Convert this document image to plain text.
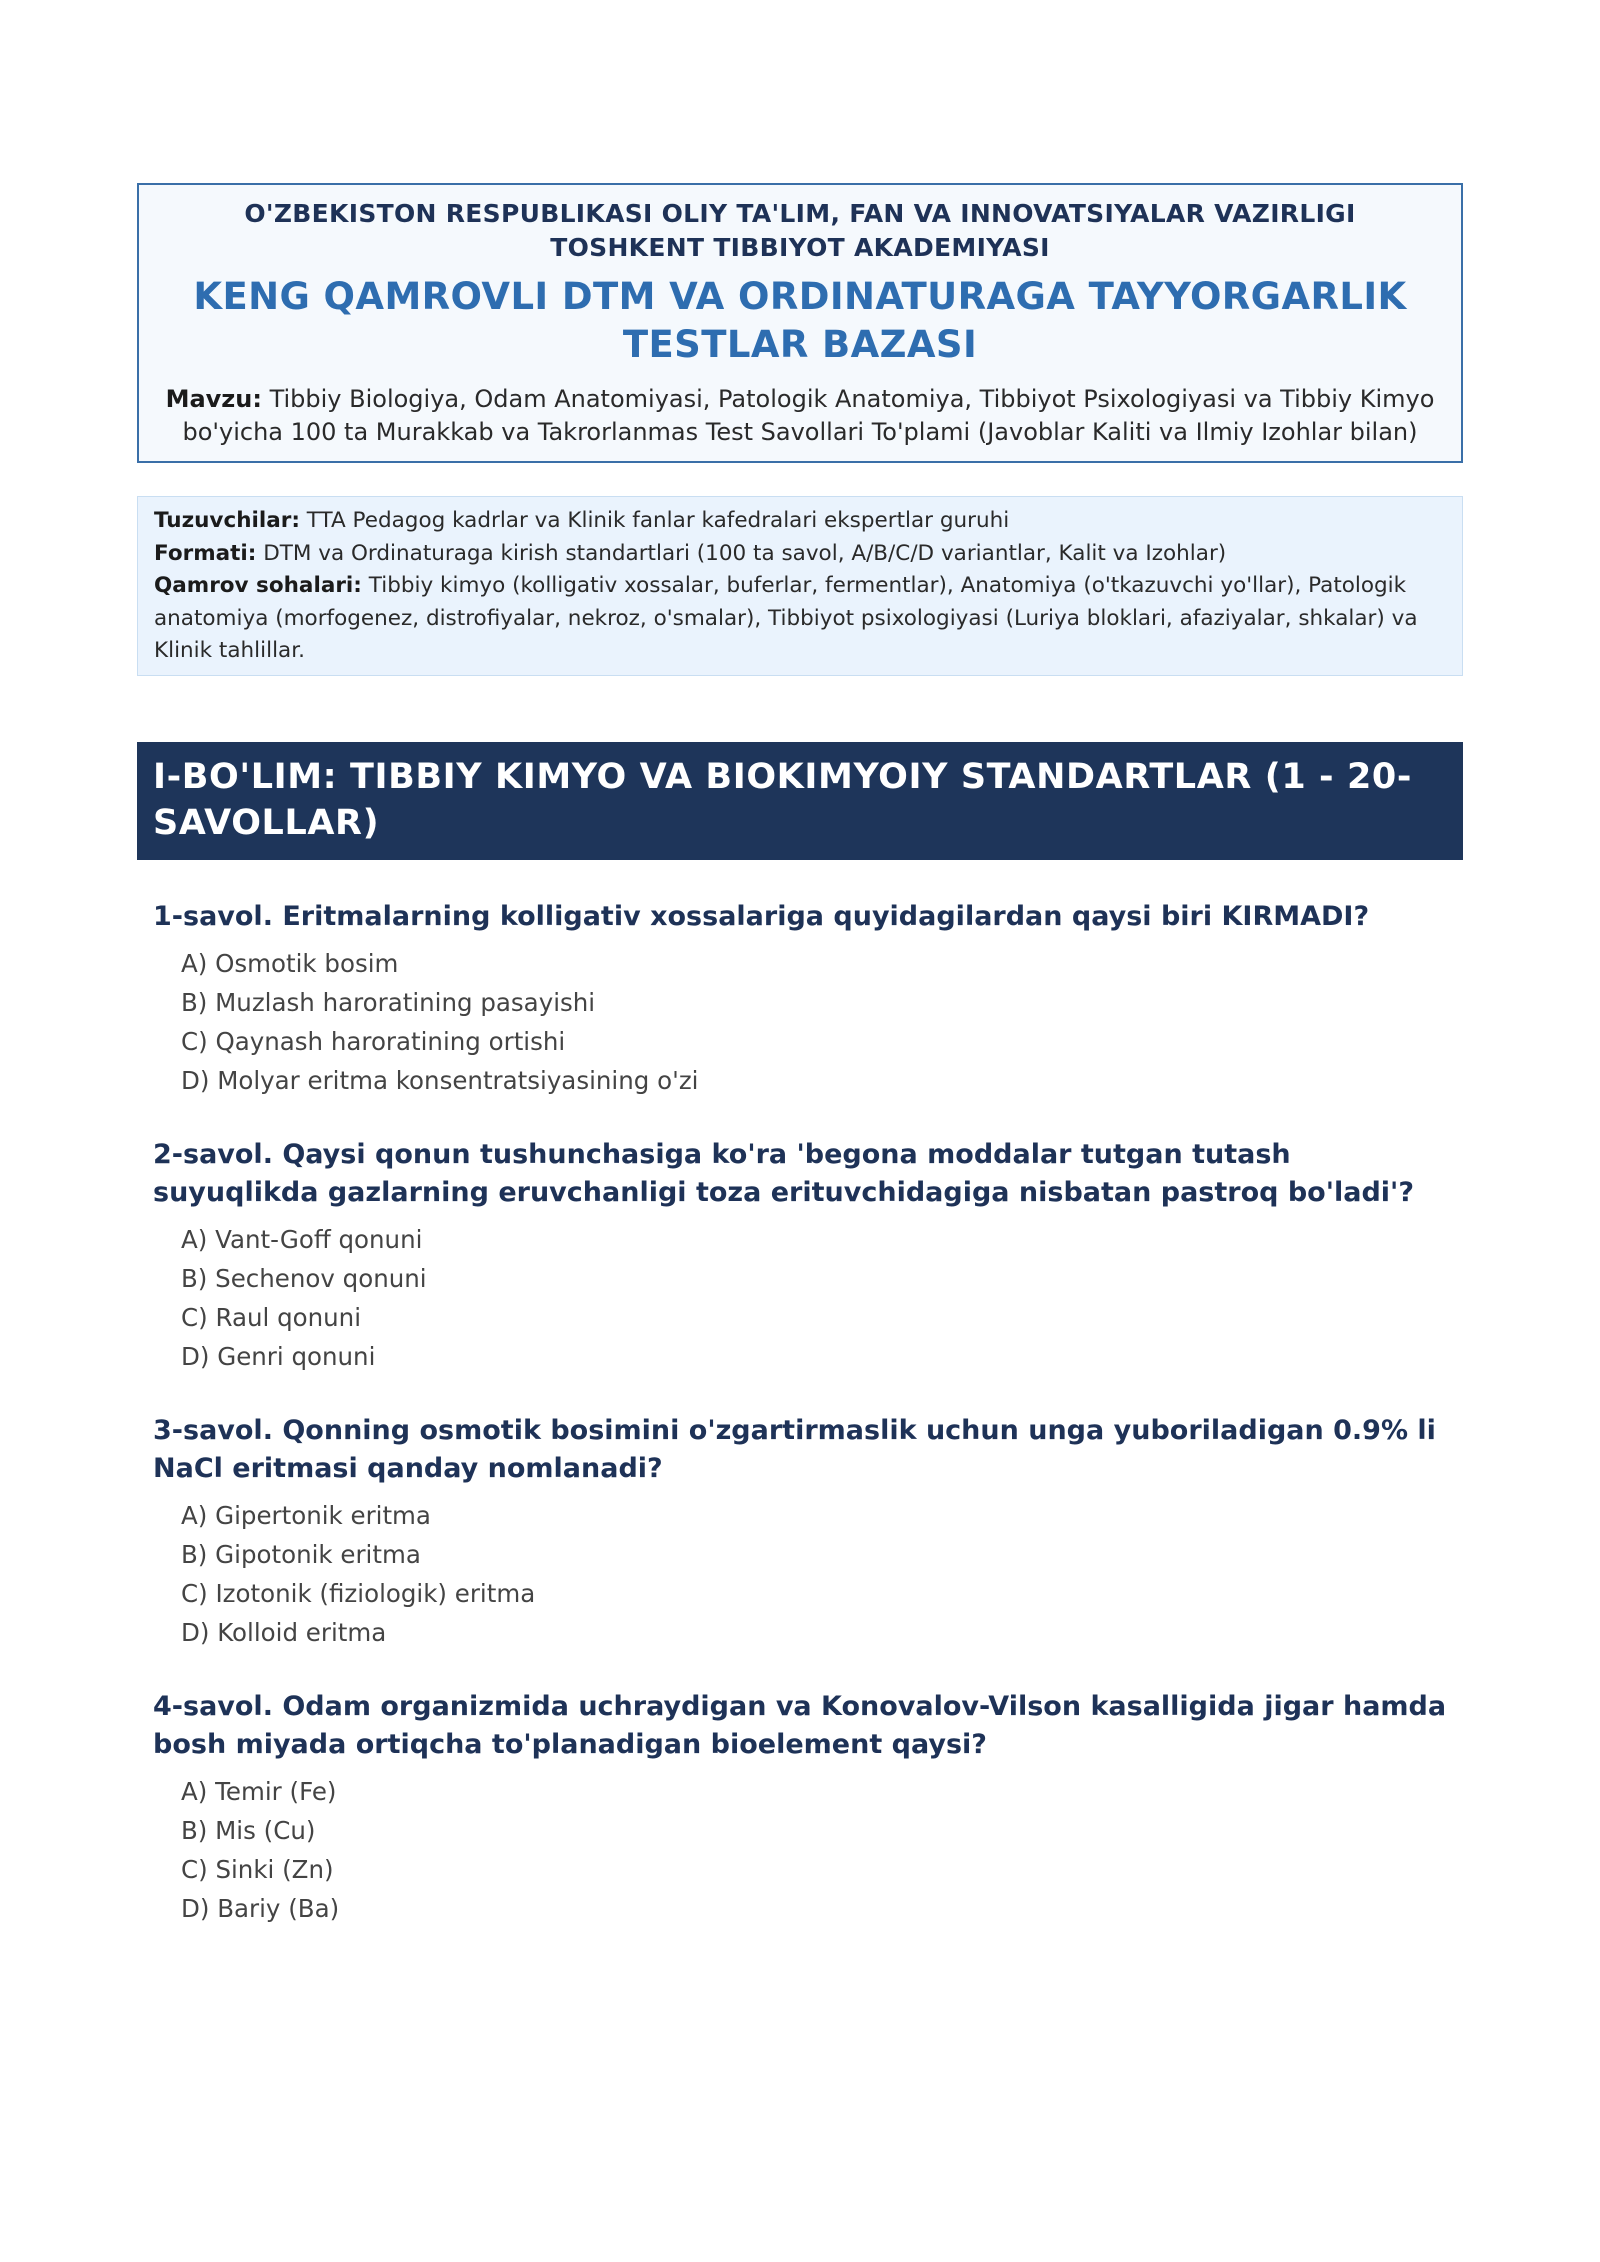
O'ZBEKISTON RESPUBLIKASI OLIY TA'LIM, FAN VA INNOVATSIYALAR VAZIRLIGI
TOSHKENT TIBBIYOT AKADEMIYASI
KENG QAMROVLI DTM VA ORDINATURAGA TAYYORGARLIK
TESTLAR BAZASI
Mavzu: Tibbiy Biologiya, Odam Anatomiyasi, Patologik Anatomiya, Tibbiyot Psixologiyasi va Tibbiy Kimyo bo'yicha 100 ta Murakkab va Takrorlanmas Test Savollari To'plami (Javoblar Kaliti va Ilmiy Izohlar bilan)
Tuzuvchilar: TTA Pedagog kadrlar va Klinik fanlar kafedralari ekspertlar guruhi
Formati: DTM va Ordinaturaga kirish standartlari (100 ta savol, A/B/C/D variantlar, Kalit va Izohlar)
Qamrov sohalari: Tibbiy kimyo (kolligativ xossalar, buferlar, fermentlar), Anatomiya (o'tkazuvchi yo'llar), Patologik anatomiya (morfogenez, distrofiyalar, nekroz, o'smalar), Tibbiyot psixologiyasi (Luriya bloklari, afaziyalar, shkalar) va Klinik tahlillar.
I-BO'LIM: TIBBIY KIMYO VA BIOKIMYOIY STANDARTLAR (1 - 20-SAVOLLAR)
1-savol. Eritmalarning kolligativ xossalariga quyidagilardan qaysi biri KIRMADI?
A) Osmotik bosim
B) Muzlash haroratining pasayishi
C) Qaynash haroratining ortishi
D) Molyar eritma konsentratsiyasining o'zi
2-savol. Qaysi qonun tushunchasiga ko'ra 'begona moddalar tutgan tutash suyuqlikda gazlarning eruvchanligi toza erituvchidagiga nisbatan pastroq bo'ladi'?
A) Vant-Goff qonuni
B) Sechenov qonuni
C) Raul qonuni
D) Genri qonuni
3-savol. Qonning osmotik bosimini o'zgartirmaslik uchun unga yuboriladigan 0.9% li NaCl eritmasi qanday nomlanadi?
A) Gipertonik eritma
B) Gipotonik eritma
C) Izotonik (fiziologik) eritma
D) Kolloid eritma
4-savol. Odam organizmida uchraydigan va Konovalov-Vilson kasalligida jigar hamda bosh miyada ortiqcha to'planadigan bioelement qaysi?
A) Temir (Fe)
B) Mis (Cu)
C) Sinki (Zn)
D) Bariy (Ba)
